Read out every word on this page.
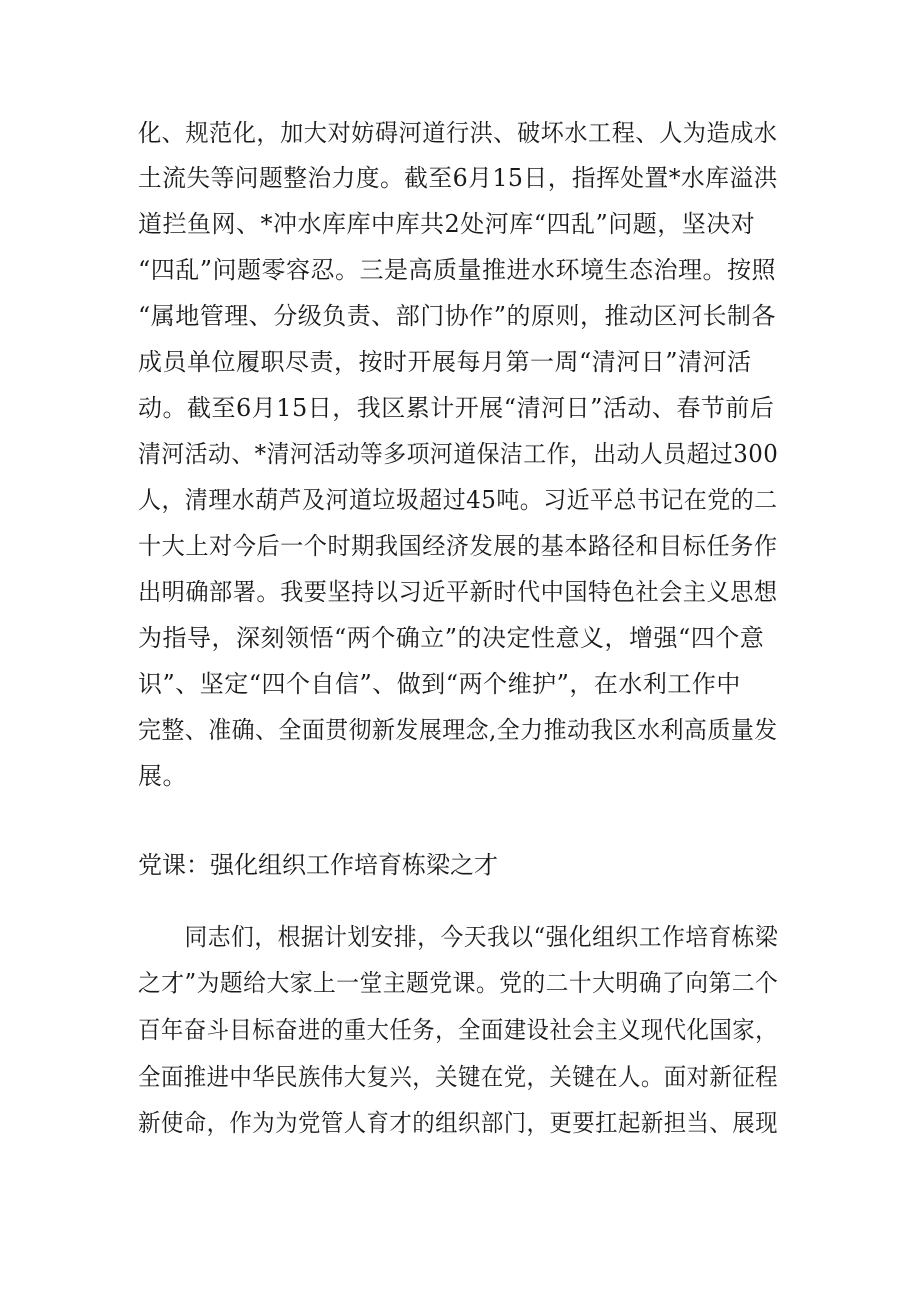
化、规范化，加大对妨碍河道行洪、破坏水工程、人为造成水
土流失等问题整治力度。截至6月15日，指挥处置*水库溢洪
道拦鱼网、*冲水库库中库共2处河库“四乱”问题，坚决对
“四乱”问题零容忍。三是高质量推进水环境生态治理。按照
“属地管理、分级负责、部门协作”的原则，推动区河长制各
成员单位履职尽责，按时开展每月第一周“清河日”清河活
动。截至6月15日，我区累计开展“清河日”活动、春节前后
清河活动、*清河活动等多项河道保洁工作，出动人员超过300
人，清理水葫芦及河道垃圾超过45吨。习近平总书记在党的二
十大上对今后一个时期我国经济发展的基本路径和目标任务作
出明确部署。我要坚持以习近平新时代中国特色社会主义思想
为指导，深刻领悟“两个确立”的决定性意义，增强“四个意
识”、坚定“四个自信”、做到“两个维护”，在水利工作中
完整、准确、全面贯彻新发展理念,全力推动我区水利高质量发
展。
党课：强化组织工作培育栋梁之才
　　同志们，根据计划安排，今天我以“强化组织工作培育栋梁
之才”为题给大家上一堂主题党课。党的二十大明确了向第二个
百年奋斗目标奋进的重大任务，全面建设社会主义现代化国家，
全面推进中华民族伟大复兴，关键在党，关键在人。面对新征程
新使命，作为为党管人育才的组织部门，更要扛起新担当、展现
